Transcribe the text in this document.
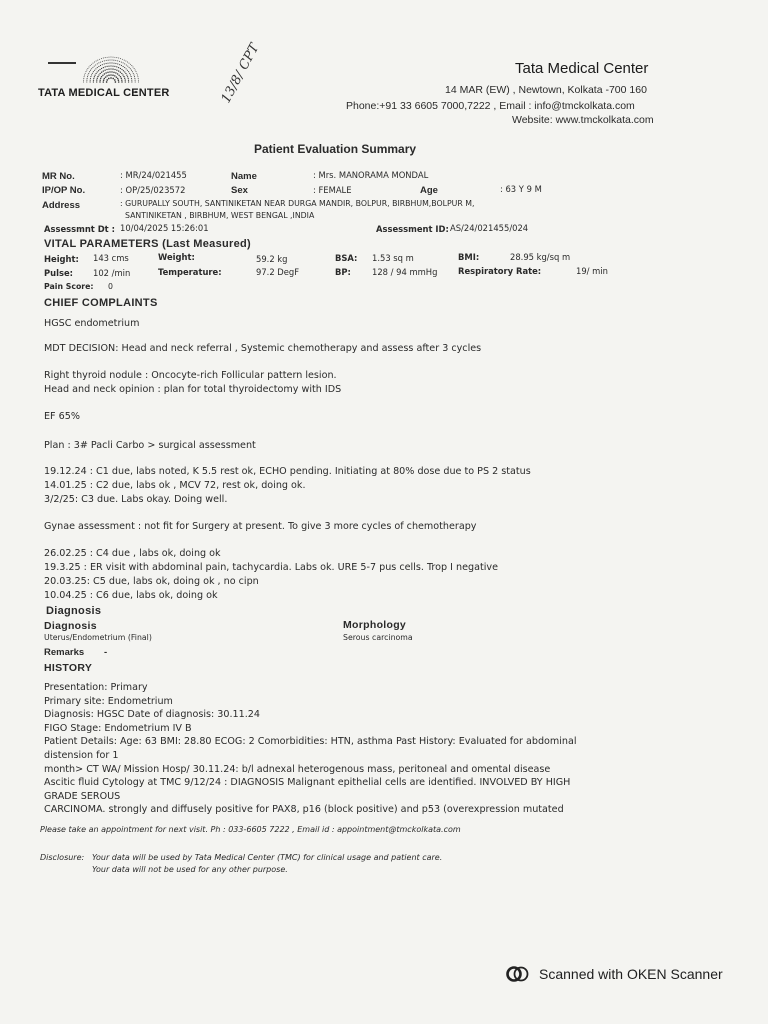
TATA MEDICAL CENTER	13/8/ CPT	Tata Medical Center
14 MAR (EW) , Newtown, Kolkata -700 160
Phone:+91 33 6605 7000,7222 , Email : info@tmckolkata.com
Website: www.tmckolkata.com
Patient Evaluation Summary
MR No.	: MR/24/021455	Name	: Mrs. MANORAMA MONDAL
IP/OP No.	: OP/25/023572	Sex	: FEMALE	Age	: 63 Y 9 M
Address	: GURUPALLY SOUTH, SANTINIKETAN NEAR DURGA MANDIR, BOLPUR, BIRBHUM,BOLPUR M,
SANTINIKETAN , BIRBHUM, WEST BENGAL ,INDIA
Assessmnt Dt : 10/04/2025 15:26:01	Assessment ID: AS/24/021455/024
VITAL PARAMETERS (Last Measured)
Height: 143 cms	Weight:	59.2 kg	BSA: 1.53 sq m	BMI:	28.95 kg/sq m
Pulse: 102 /min	Temperature:	97.2 DegF	BP:	128 / 94 mmHg Respiratory Rate:	19/ min
Pain Score: 0
CHIEF COMPLAINTS
HGSC endometrium
MDT DECISION: Head and neck referral , Systemic chemotherapy and assess after 3 cycles
Right thyroid nodule : Oncocyte-rich Follicular pattern lesion.
Head and neck opinion : plan for total thyroidectomy with IDS
EF 65%
Plan : 3# Pacli Carbo > surgical assessment
19.12.24 : C1 due, labs noted, K 5.5 rest ok, ECHO pending. Initiating at 80% dose due to PS 2 status
14.01.25 : C2 due, labs ok , MCV 72, rest ok, doing ok.
3/2/25: C3 due. Labs okay. Doing well.
Gynae assessment : not fit for Surgery at present. To give 3 more cycles of chemotherapy
26.02.25 : C4 due , labs ok, doing ok
19.3.25 : ER visit with abdominal pain, tachycardia. Labs ok. URE 5-7 pus cells. Trop I negative
20.03.25: C5 due, labs ok, doing ok , no cipn
10.04.25 : C6 due, labs ok, doing ok
Diagnosis
Diagnosis
Uterus/Endometrium (Final)
Morphology
Serous carcinoma
Remarks -
HISTORY
Presentation: Primary
Primary site: Endometrium
Diagnosis: HGSC Date of diagnosis: 30.11.24
FIGO Stage: Endometrium IV B
Patient Details: Age: 63 BMI: 28.80 ECOG: 2 Comorbidities: HTN, asthma Past History: Evaluated for abdominal
distension for 1
month> CT WA/ Mission Hosp/ 30.11.24: b/l adnexal heterogenous mass, peritoneal and omental disease
Ascitic fluid Cytology at TMC 9/12/24 : DIAGNOSIS Malignant epithelial cells are identified. INVOLVED BY HIGH
GRADE SEROUS
CARCINOMA. strongly and diffusely positive for PAX8, p16 (block positive) and p53 (overexpression mutated
Please take an appointment for next visit. Ph : 033-6605 7222 , Email id : appointment@tmckolkata.com
Disclosure: Your data will be used by Tata Medical Center (TMC) for clinical usage and patient care.
Your data will not be used for any other purpose.
Scanned with OKEN Scanner
